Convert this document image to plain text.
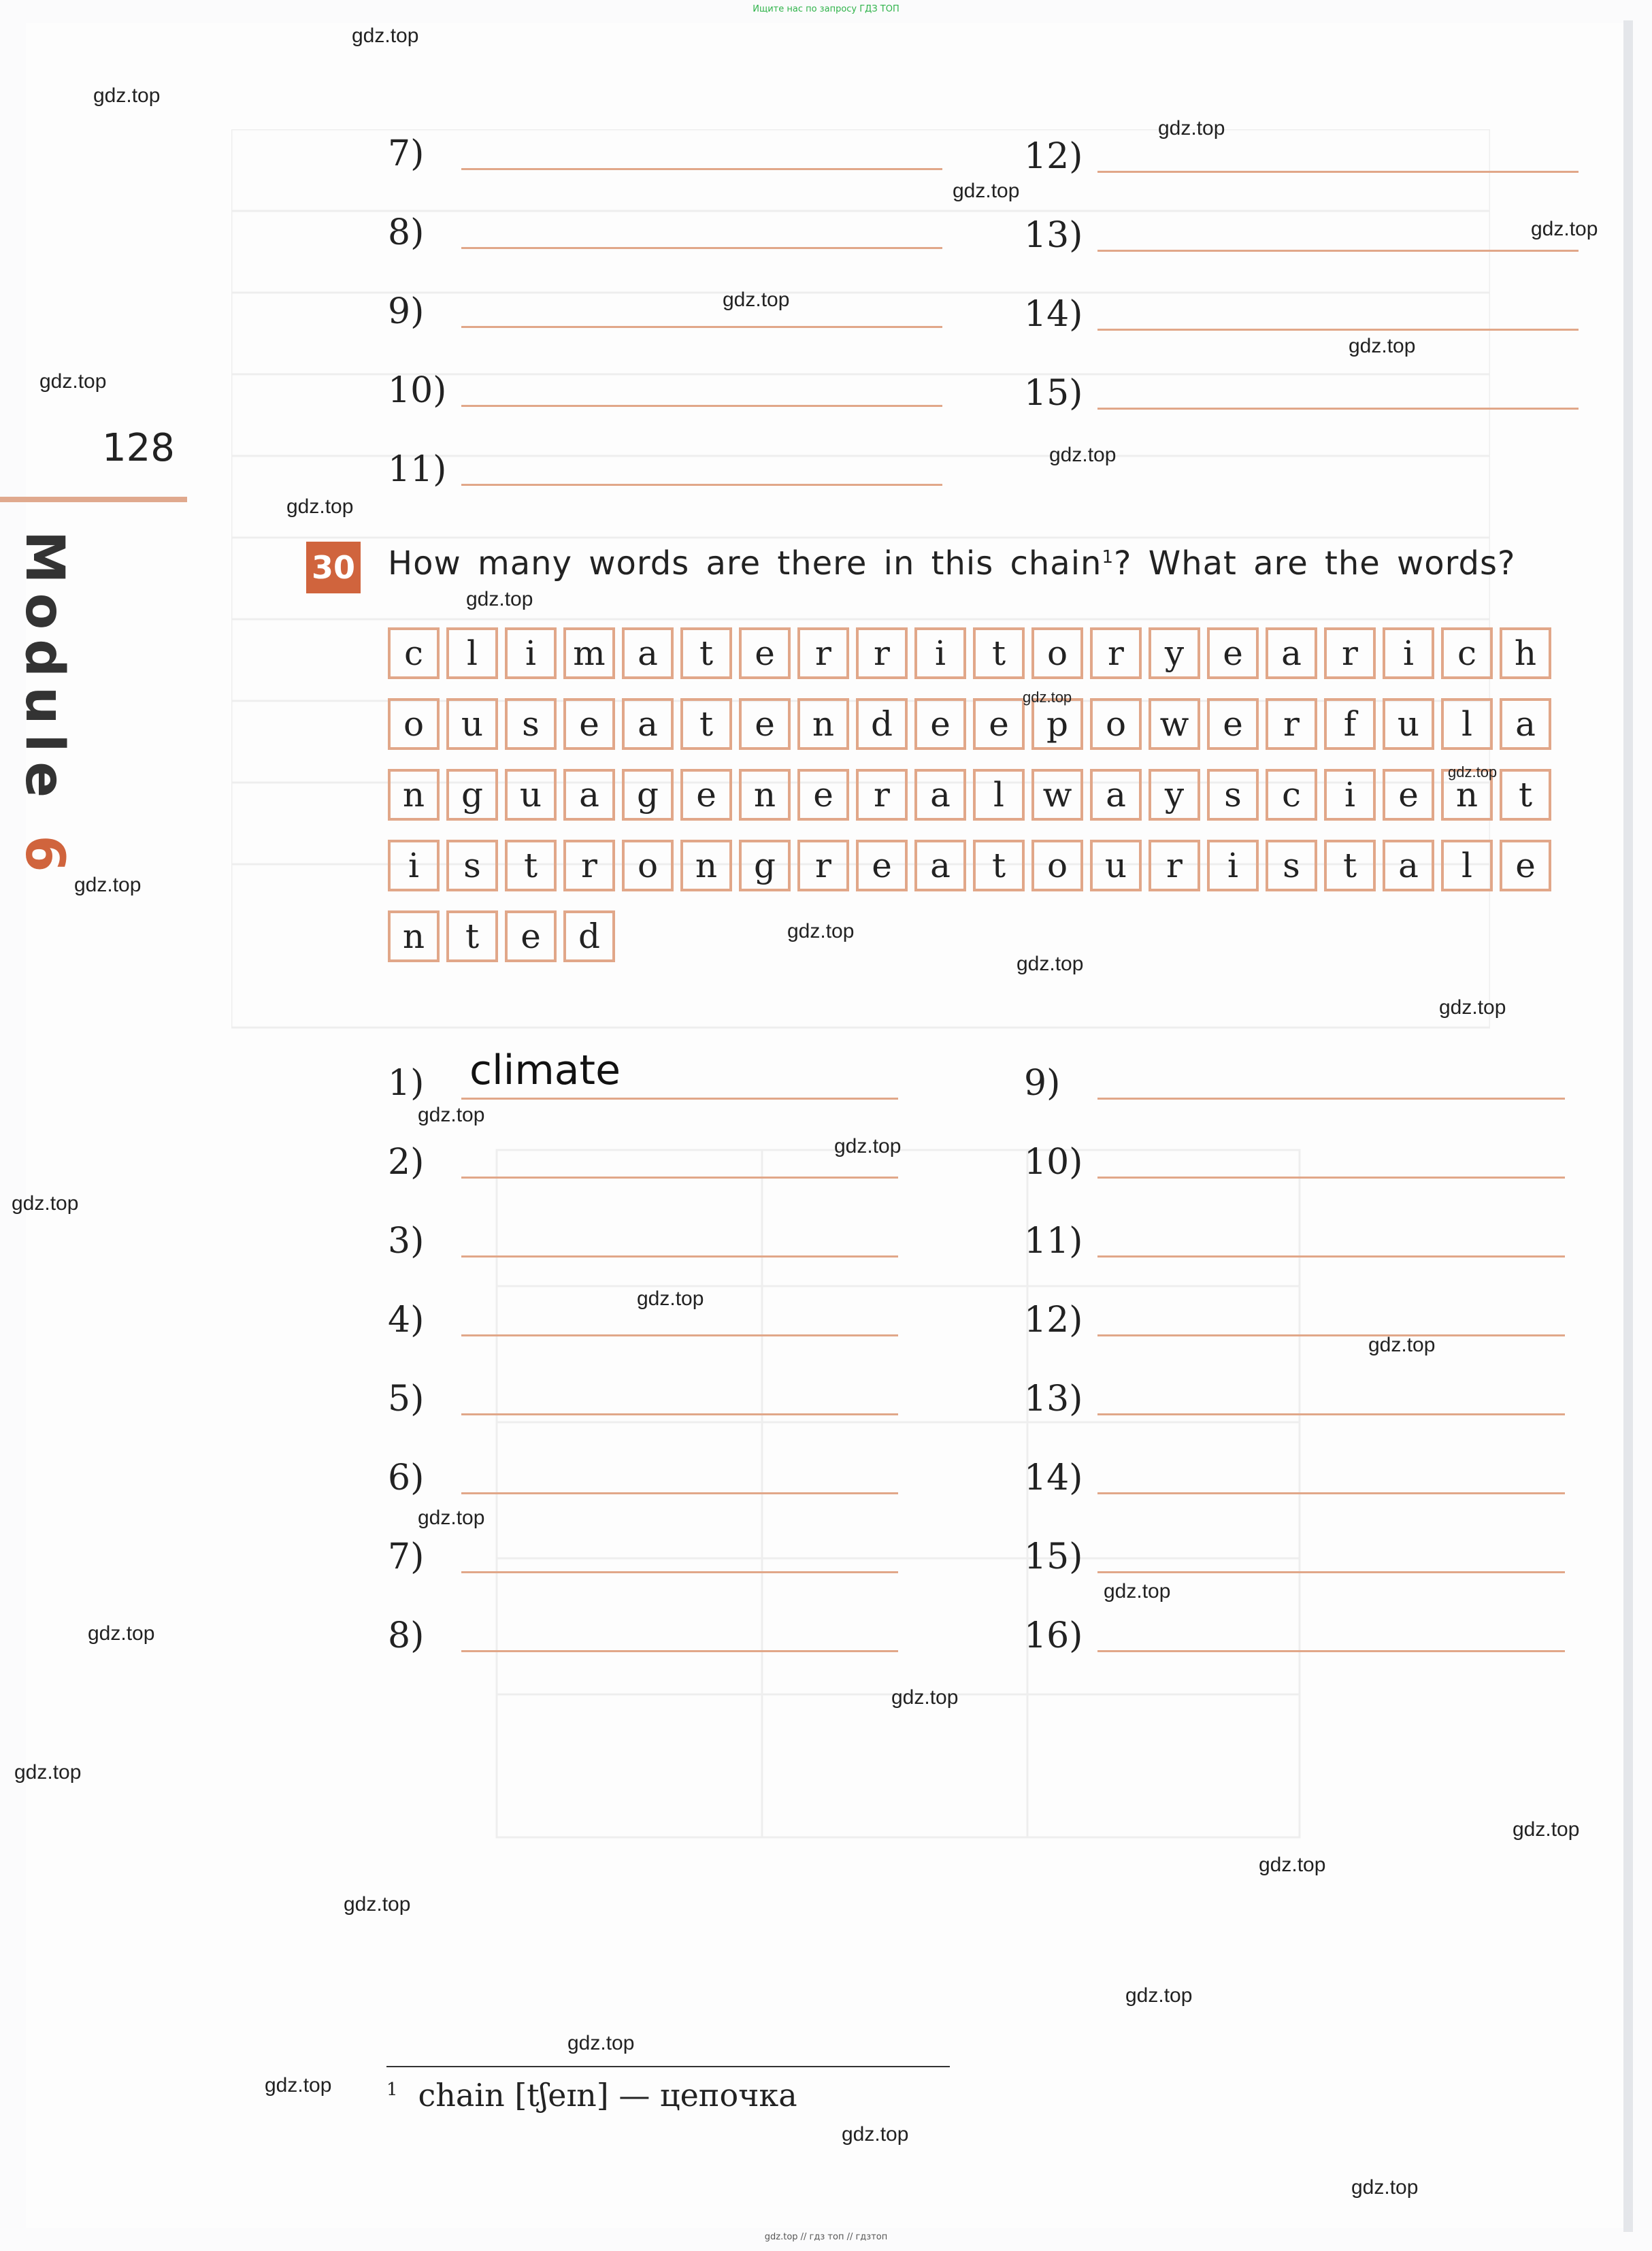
Ищите нас по запросу ГДЗ ТОП
128
Module 6
7)
8)
9)
10)
11)
12)
13)
14)
15)
30 How many words are there in this chain$^1$? What are the words?
c	l	i	m a	t	e	r	r	i	t	o	r	y	e	a	r	i	c	h
o	u	s	e	a	t	e	n	d	e	e	p	o w e	r	f	u	l	a
n	g	u	a	g	e	n	e	r	a	l	w a	y	s	c	i	e	n	t
i	s	t	r	o	n	g	r	e	a	t	o	u	r	i	s	t	a	l	e
n	t	e	d
1) climate
2)
3)
4)
5)
6)
7)
8)
9)
10)
11)
12)
13)
14)
15)
16)
$^1$ chain [tʃeɪn] — цепочка
gdz.top
gdz.top
gdz.top
gdz.top
gdz.top
gdz.top
gdz.top
gdz.top
gdz.top
gdz.top
gdz.top
gdz.top
gdz.top
gdz.top
gdz.top
gdz.top
gdz.top
gdz.top
gdz.top
gdz.top
gdz.top
gdz.top
gdz.top
gdz.top
gdz.top
gdz.top
gdz.top
gdz.top
gdz.top
gdz.top
gdz.top
gdz.top
gdz.top
gdz.top
gdz.top
gdz.top // гдз топ // гдзтоп
